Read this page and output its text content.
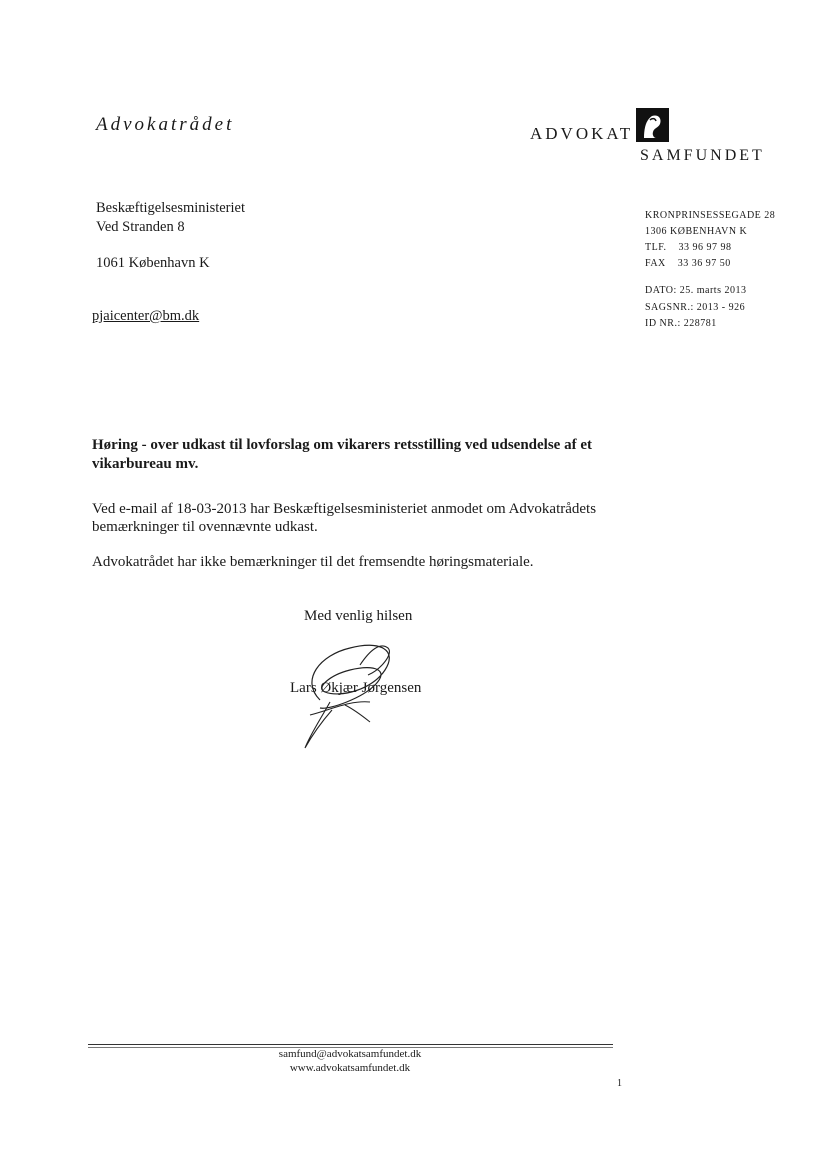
Advokatrådet	ADVOKAT
SAMFUNDET
Beskæftigelsesministeriet
Ved Stranden 8
1061 København K
pjaicenter@bm.dk
KRONPRINSESSEGADE 28
1306 KØBENHAVN K
TLF.    33 96 97 98
FAX    33 36 97 50
DATO: 25. marts 2013
SAGSNR.: 2013 - 926
ID NR.: 228781
Høring - over udkast til lovforslag om vikarers retsstilling ved udsendelse af et vikarbureau mv.
Ved e-mail af 18-03-2013 har Beskæftigelsesministeriet anmodet om Advokatrådets bemærkninger til ovennævnte udkast.
Advokatrådet har ikke bemærkninger til det fremsendte høringsmateriale.
Med venlig hilsen
Lars Økjær Jørgensen
samfund@advokatsamfundet.dk
www.advokatsamfundet.dk
1
